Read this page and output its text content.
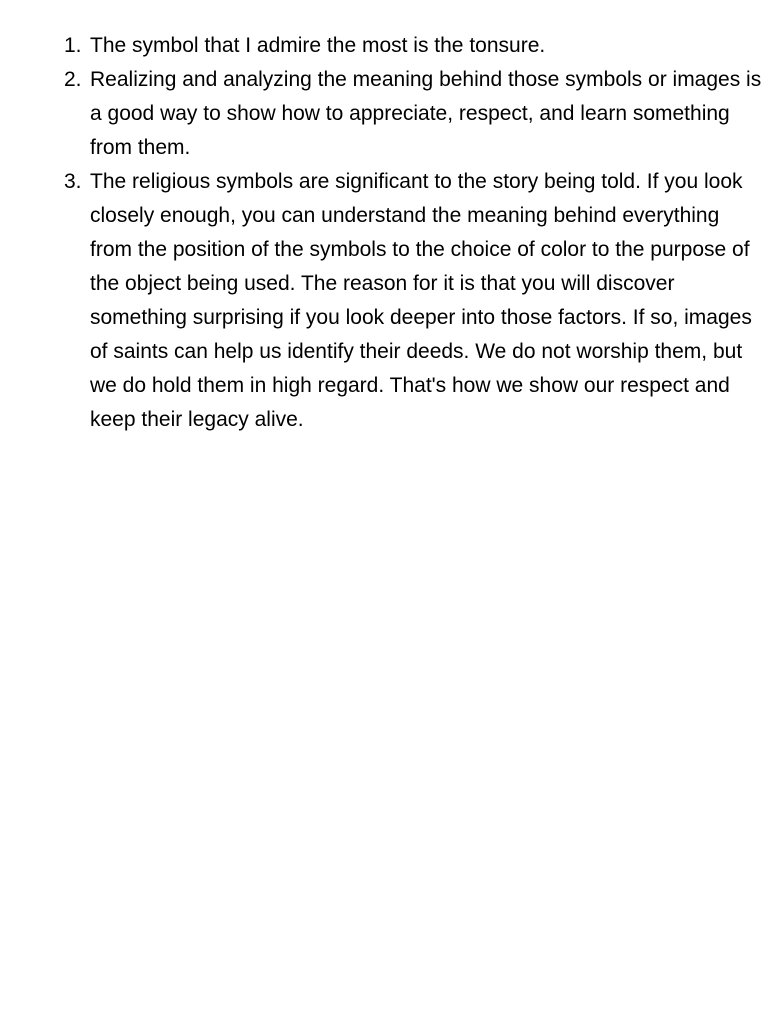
1. The symbol that I admire the most is the tonsure.
2. Realizing and analyzing the meaning behind those symbols or images is a good way to show how to appreciate, respect, and learn something from them.
3. The religious symbols are significant to the story being told. If you look closely enough, you can understand the meaning behind everything from the position of the symbols to the choice of color to the purpose of the object being used. The reason for it is that you will discover something surprising if you look deeper into those factors. If so, images of saints can help us identify their deeds. We do not worship them, but we do hold them in high regard. That's how we show our respect and keep their legacy alive.
